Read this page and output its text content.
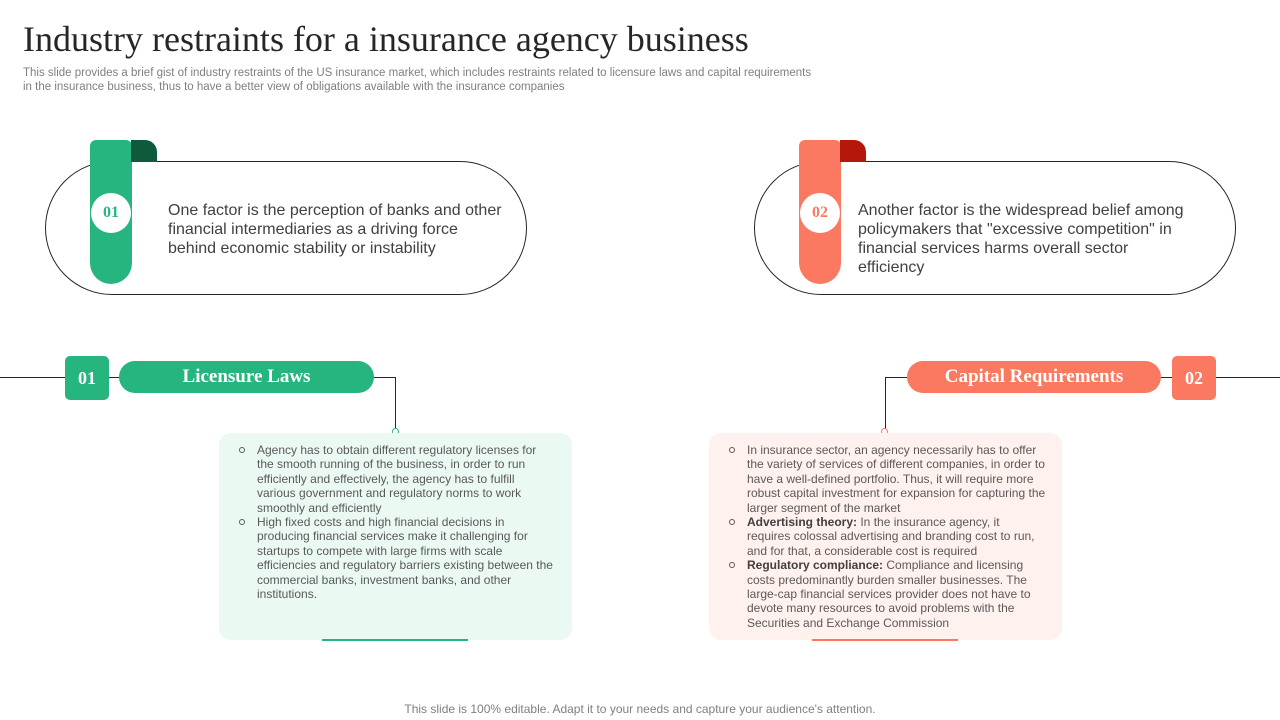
Industry restraints for a insurance agency business
This slide provides a brief gist of industry restraints of the US insurance market, which includes restraints related to licensure laws and capital requirements in the insurance business, thus to have a better view of obligations available with the insurance companies
01	One factor is the perception of banks and other financial intermediaries as a driving force behind economic stability or instability
02	Another factor is the widespread belief among policymakers that "excessive competition" in financial services harms overall sector efficiency
01	Licensure Laws
Agency has to obtain different regulatory licenses for the smooth running of the business, in order to run efficiently and effectively, the agency has to fulfill various government and regulatory norms to work smoothly and efficiently
High fixed costs and high financial decisions in producing financial services make it challenging for startups to compete with large firms with scale efficiencies and regulatory barriers existing between the commercial banks, investment banks, and other institutions.
Capital Requirements	02
In insurance sector, an agency necessarily has to offer the variety of services of different companies, in order to have a well-defined portfolio. Thus, it will require more robust capital investment for expansion for capturing the larger segment of the market
Advertising theory: In the insurance agency, it requires colossal advertising and branding cost to run, and for that, a considerable cost is required
Regulatory compliance: Compliance and licensing costs predominantly burden smaller businesses. The large-cap financial services provider does not have to devote many resources to avoid problems with the Securities and Exchange Commission
This slide is 100% editable. Adapt it to your needs and capture your audience's attention.
